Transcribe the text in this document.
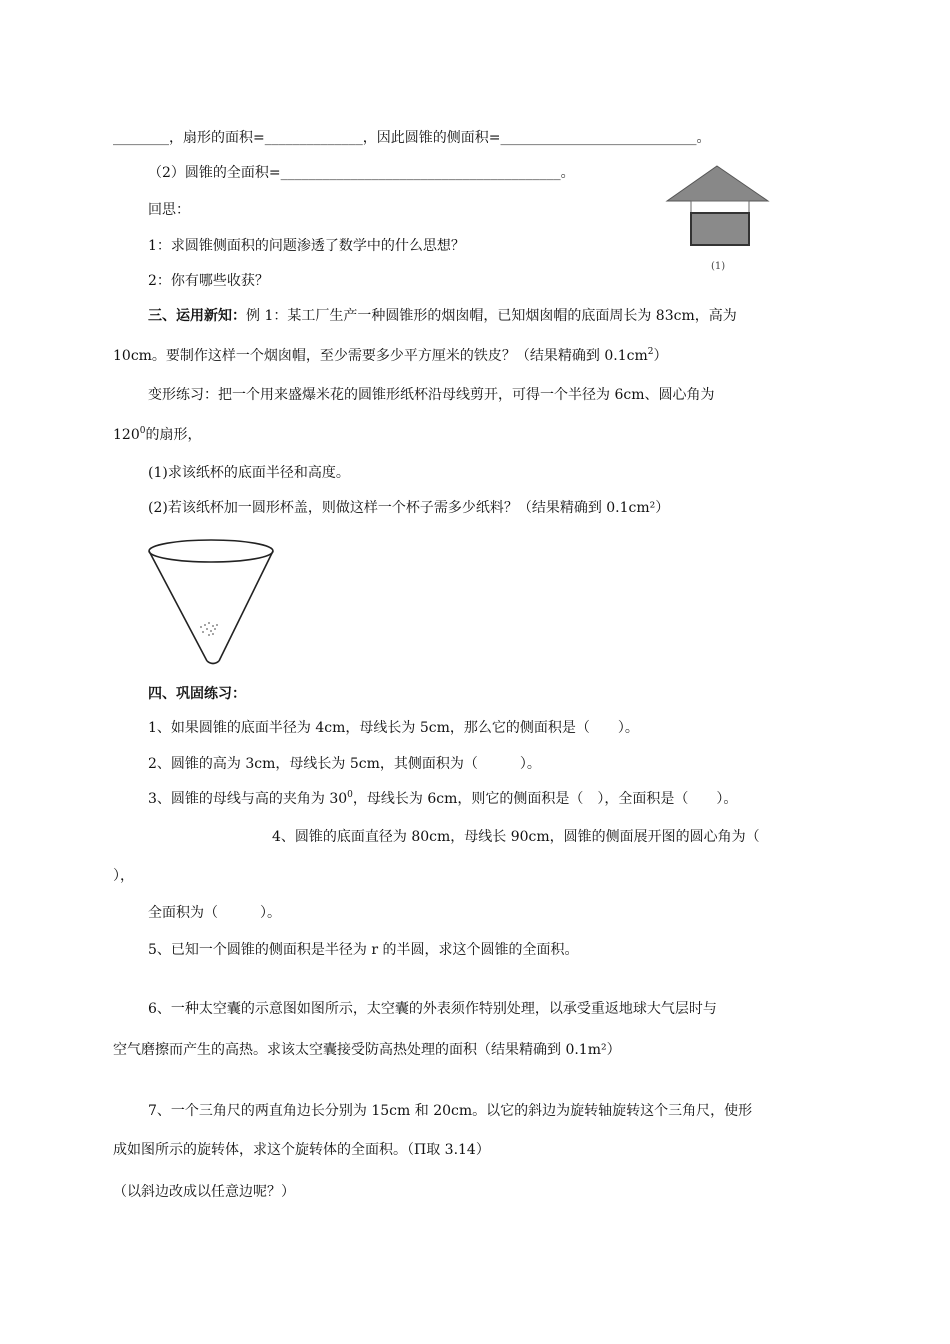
________，扇形的面积=______________，因此圆锥的侧面积=____________________________。
（2）圆锥的全面积=________________________________________。
回思：
1：求圆锥侧面积的问题渗透了数学中的什么思想？
2：你有哪些收获？
(1)
三、运用新知：例 1：某工厂生产一种圆锥形的烟囱帽，已知烟囱帽的底面周长为 83cm，高为
10cm。要制作这样一个烟囱帽，至少需要多少平方厘米的铁皮？（结果精确到 $0.1cm^2$）
变形练习：把一个用来盛爆米花的圆锥形纸杯沿母线剪开，可得一个半径为 6cm、圆心角为
$120^0$的扇形，
(1)求该纸杯的底面半径和高度。
(2)若该纸杯加一圆形杯盖，则做这样一个杯子需多少纸料？（结果精确到 0.1cm²）
四、巩固练习：
1、如果圆锥的底面半径为 4cm，母线长为 5cm，那么它的侧面积是（　　）。
2、圆锥的高为 3cm，母线长为 5cm，其侧面积为（　　　）。
3、圆锥的母线与高的夹角为 $30^0$，母线长为 6cm，则它的侧面积是（　），全面积是（　　）。
4、圆锥的底面直径为 80cm，母线长 90cm，圆锥的侧面展开图的圆心角为（
），
全面积为（　　　）。
5、已知一个圆锥的侧面积是半径为 r 的半圆，求这个圆锥的全面积。
6、一种太空囊的示意图如图所示，太空囊的外表须作特别处理，以承受重返地球大气层时与
空气磨擦而产生的高热。求该太空囊接受防高热处理的面积（结果精确到 0.1m²）
7、一个三角尺的两直角边长分别为 15cm 和 20cm。以它的斜边为旋转轴旋转这个三角尺，使形
成如图所示的旋转体，求这个旋转体的全面积。（Π取 3.14）
（以斜边改成以任意边呢？）
